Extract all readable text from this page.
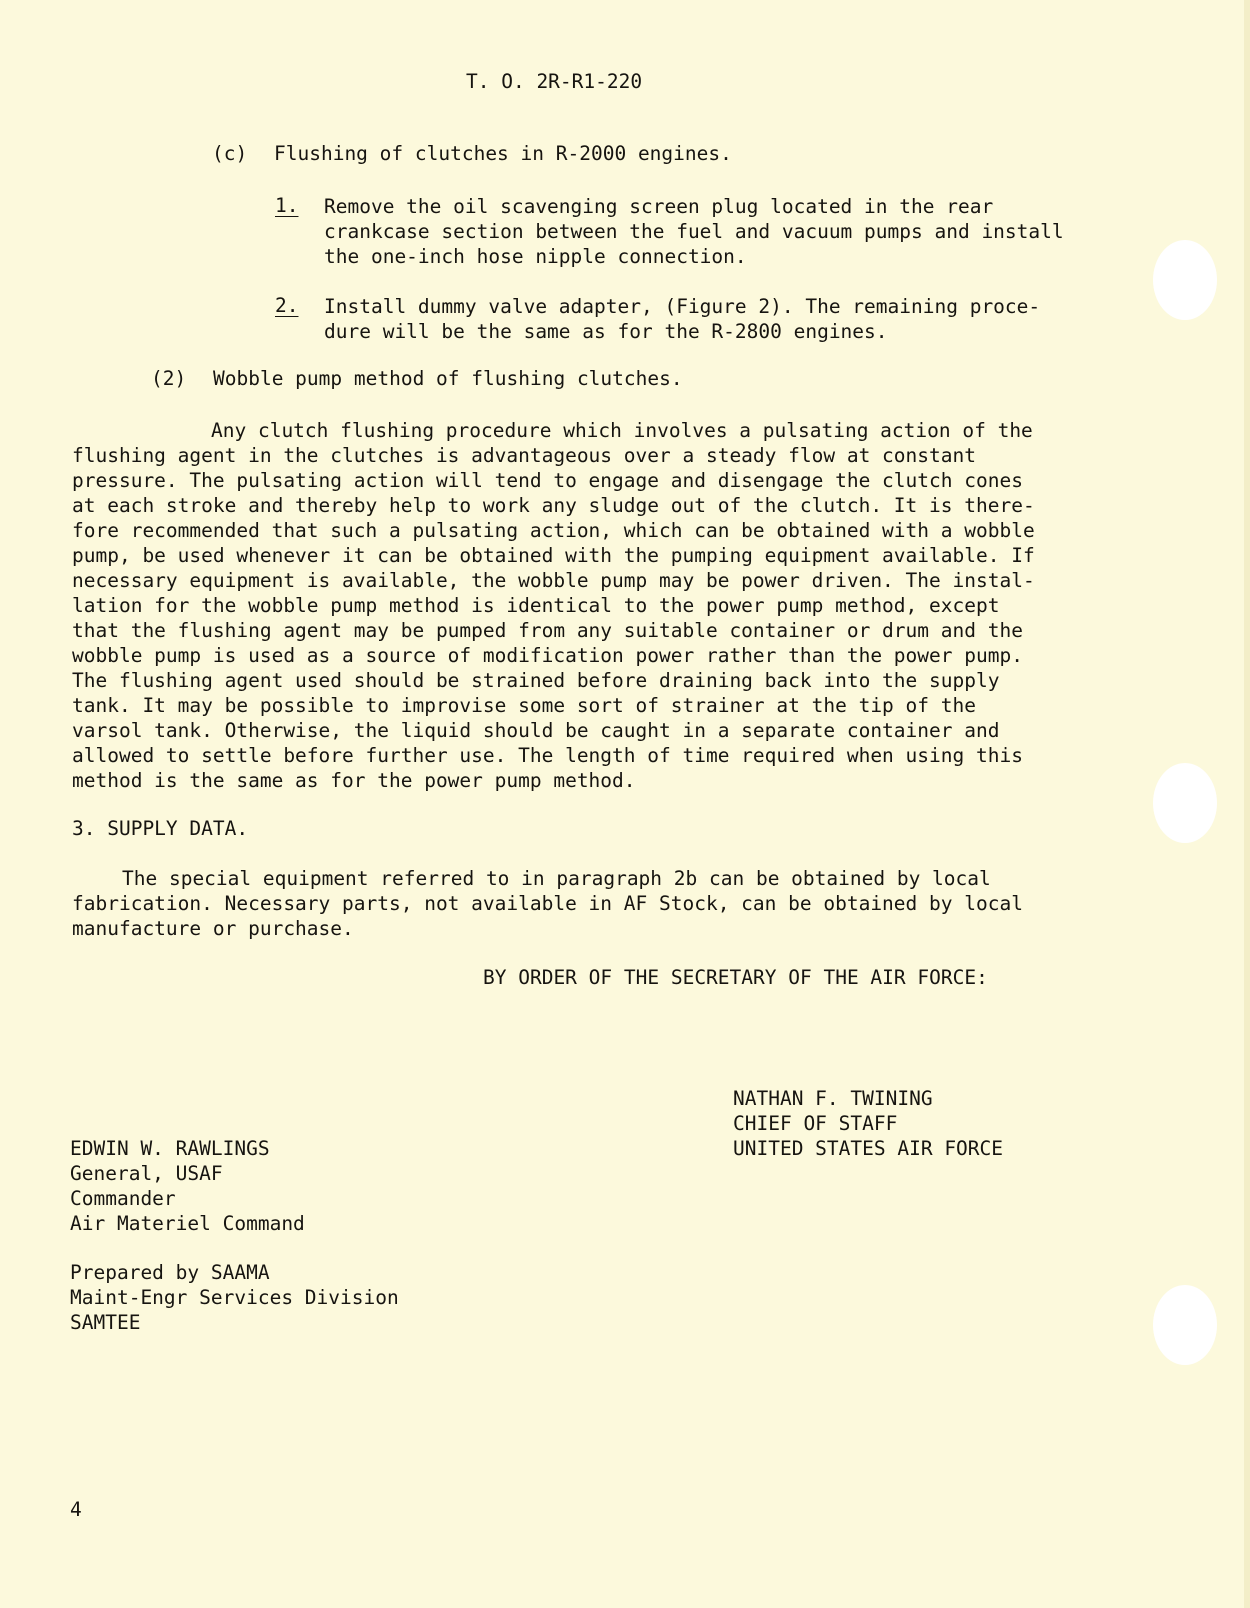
T. O. 2R-R1-220
(c) Flushing of clutches in R-2000 engines.
1. Remove the oil scavenging screen plug located in the rear
crankcase section between the fuel and vacuum pumps and install
the one-inch hose nipple connection.
2. Install dummy valve adapter, (Figure 2). The remaining proce-
dure will be the same as for the R-2800 engines.
(2) Wobble pump method of flushing clutches.
Any clutch flushing procedure which involves a pulsating action of the
flushing agent in the clutches is advantageous over a steady flow at constant
pressure. The pulsating action will tend to engage and disengage the clutch cones
at each stroke and thereby help to work any sludge out of the clutch. It is there-
fore recommended that such a pulsating action, which can be obtained with a wobble
pump, be used whenever it can be obtained with the pumping equipment available. If
necessary equipment is available, the wobble pump may be power driven. The instal-
lation for the wobble pump method is identical to the power pump method, except
that the flushing agent may be pumped from any suitable container or drum and the
wobble pump is used as a source of modification power rather than the power pump.
The flushing agent used should be strained before draining back into the supply
tank. It may be possible to improvise some sort of strainer at the tip of the
varsol tank. Otherwise, the liquid should be caught in a separate container and
allowed to settle before further use. The length of time required when using this
method is the same as for the power pump method.
3. SUPPLY DATA.
The special equipment referred to in paragraph 2b can be obtained by local
fabrication. Necessary parts, not available in AF Stock, can be obtained by local
manufacture or purchase.
BY ORDER OF THE SECRETARY OF THE AIR FORCE:
NATHAN F. TWINING
CHIEF OF STAFF
UNITED STATES AIR FORCE
EDWIN W. RAWLINGS
General, USAF
Commander
Air Materiel Command
Prepared by SAAMA
Maint-Engr Services Division
SAMTEE
4
